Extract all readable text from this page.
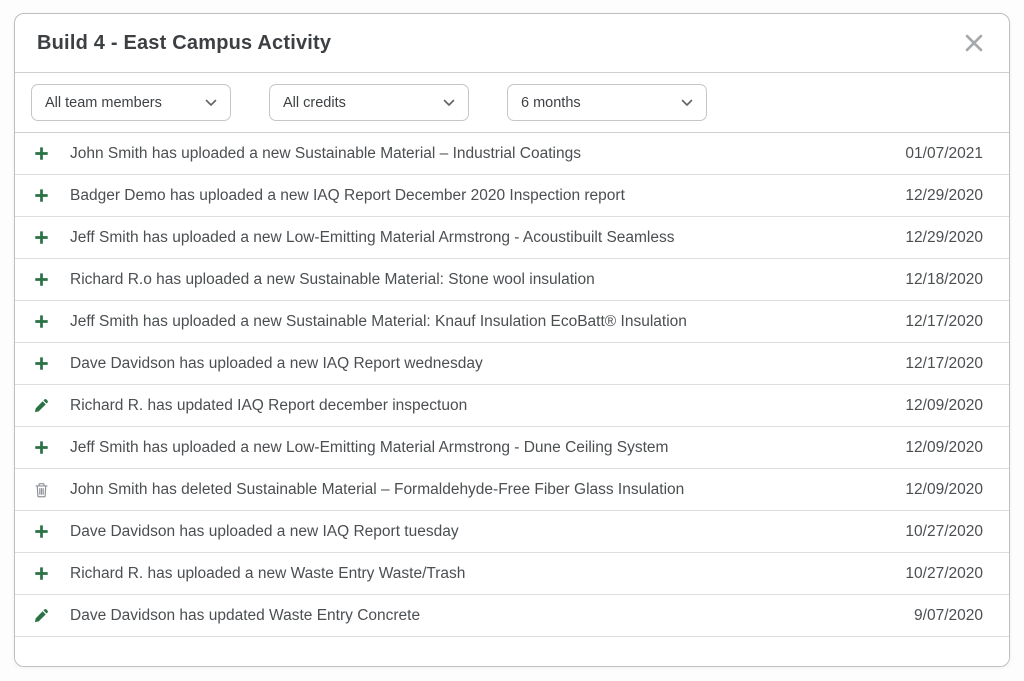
Build 4 - East Campus Activity
All team members	All credits	6 months
John Smith has uploaded a new Sustainable Material – Industrial Coatings	01/07/2021
Badger Demo has uploaded a new IAQ Report December 2020 Inspection report	12/29/2020
Jeff Smith has uploaded a new Low-Emitting Material Armstrong - Acoustibuilt Seamless	12/29/2020
Richard R.o has uploaded a new Sustainable Material: Stone wool insulation	12/18/2020
Jeff Smith has uploaded a new Sustainable Material: Knauf Insulation EcoBatt® Insulation	12/17/2020
Dave Davidson has uploaded a new IAQ Report wednesday	12/17/2020
Richard R. has updated IAQ Report december inspectuon	12/09/2020
Jeff Smith has uploaded a new Low-Emitting Material Armstrong - Dune Ceiling System	12/09/2020
John Smith has deleted Sustainable Material – Formaldehyde-Free Fiber Glass Insulation	12/09/2020
Dave Davidson has uploaded a new IAQ Report tuesday	10/27/2020
Richard R. has uploaded a new Waste Entry Waste/Trash	10/27/2020
Dave Davidson has updated Waste Entry Concrete	9/07/2020
